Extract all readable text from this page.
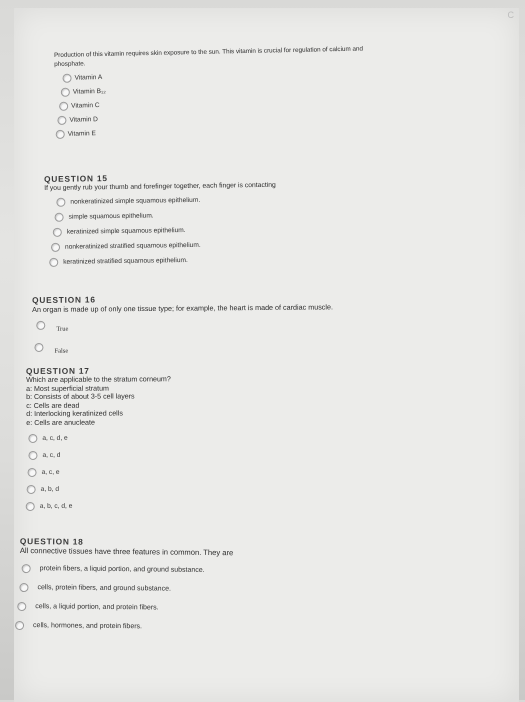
C
Production of this vitamin requires skin exposure to the sun. This vitamin is crucial for regulation of calcium and
phosphate.
Vitamin A
Vitamin B₁₂
Vitamin C
Vitamin D
Vitamin E
QUESTION 15
If you gently rub your thumb and forefinger together, each finger is contacting
nonkeratinized simple squamous epithelium.
simple squamous epithelium.
keratinized simple squamous epithelium.
nonkeratinized stratified squamous epithelium.
keratinized stratified squamous epithelium.
QUESTION 16
An organ is made up of only one tissue type; for example, the heart is made of cardiac muscle.
True
False
QUESTION 17
Which are applicable to the stratum corneum?
a: Most superficial stratum
b: Consists of about 3-5 cell layers
c: Cells are dead
d: Interlocking keratinized cells
e: Cells are anucleate
a, c, d, e
a, c, d
a, c, e
a, b, d
a, b, c, d, e
QUESTION 18
All connective tissues have three features in common. They are
protein fibers, a liquid portion, and ground substance.
cells, protein fibers, and ground substance.
cells, a liquid portion, and protein fibers.
cells, hormones, and protein fibers.
